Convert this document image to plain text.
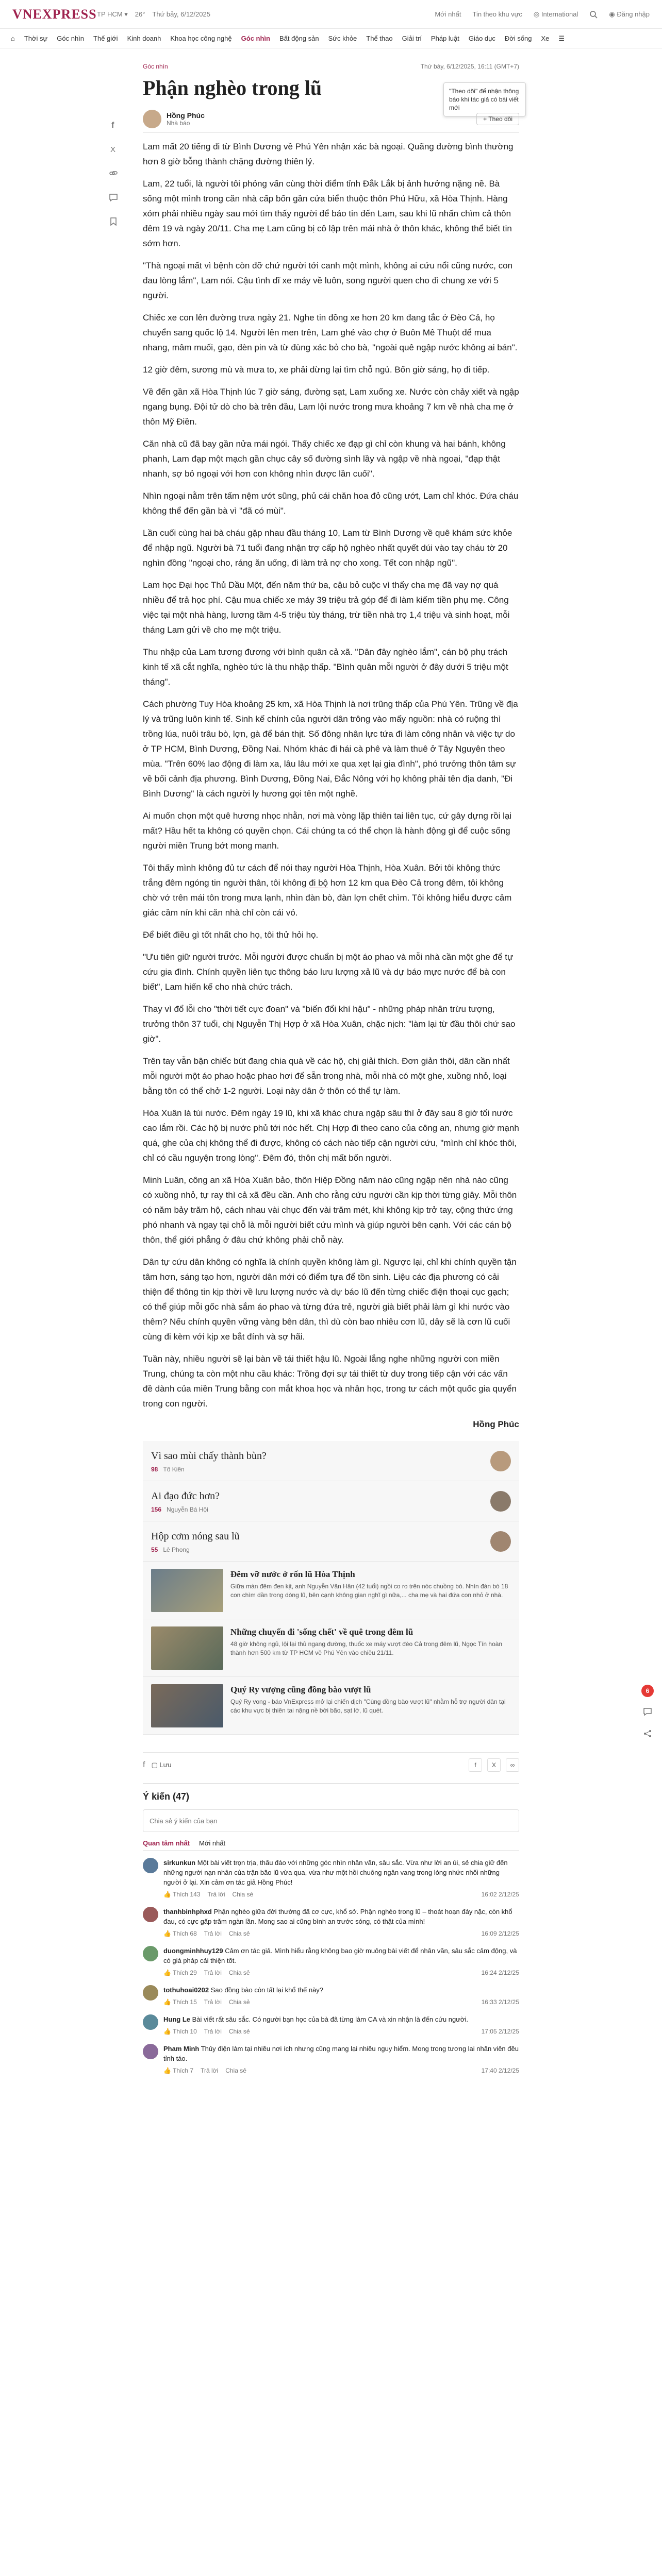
VNEXPRESS TP HCM ▾ 26° Thứ bảy, 6/12/2025	Mới nhất Tin theo khu vực ◎ International	◉ Đăng nhập
⌂	Thời sự	Góc nhìn	Thế giới	Kinh doanh	Khoa học công nghệ	Góc nhìn	Bất động sản	Sức khỏe	Thể thao	Giải trí	Pháp luật	Giáo dục	Đời sống	Xe	☰
"Theo dõi" để nhận thông báo khi tác giả có bài viết mới
f
X
Góc nhìn	Thứ bảy, 6/12/2025, 16:11 (GMT+7)
Phận nghèo trong lũ
Hồng Phúc
Nhà báo
+ Theo dõi

Lam mất 20 tiếng đi từ Bình Dương về Phú Yên nhận xác bà ngoại. Quãng đường bình thường hơn 8 giờ bỗng thành chặng đường thiên lý.

Lam, 22 tuổi, là người tôi phỏng vấn cùng thời điểm tỉnh Đắk Lắk bị ảnh hưởng nặng nề. Bà sống một mình trong căn nhà cấp bốn gần cửa biển thuộc thôn Phú Hữu, xã Hòa Thịnh. Hàng xóm phải nhiều ngày sau mới tìm thấy người để báo tin đến Lam, sau khi lũ nhấn chìm cả thôn đêm 19 và ngày 20/11. Cha mẹ Lam cũng bị cô lập trên mái nhà ở thôn khác, không thể biết tin sớm hơn.

"Thà ngoại mất vì bệnh còn đỡ chứ người tới canh một mình, không ai cứu nổi cũng nước, con đau lòng lắm", Lam nói. Cậu tình dĩ xe máy về luôn, song người quen cho đi chung xe với 5 người.

Chiếc xe con lên đường trưa ngày 21. Nghe tin đồng xe hơn 20 km đang tắc ở Đèo Cả, họ chuyển sang quốc lộ 14. Người lên men trên, Lam ghé vào chợ ở Buôn Mê Thuột để mua nhang, mâm muối, gạo, đèn pin và từ đùng xác bỏ cho bà, "ngoài quê ngập nước không ai bán".

12 giờ đêm, sương mù và mưa to, xe phải dừng lại tìm chỗ ngủ. Bốn giờ sáng, họ đi tiếp.

Về đến gần xã Hòa Thịnh lúc 7 giờ sáng, đường sạt, Lam xuống xe. Nước còn chảy xiết và ngập ngang bụng. Đội tử dò cho bà trên đầu, Lam lội nước trong mưa khoảng 7 km về nhà cha mẹ ở thôn Mỹ Điền.

Căn nhà cũ đã bay gần nửa mái ngói. Thấy chiếc xe đạp gì chỉ còn khung và hai bánh, không phanh, Lam đạp một mạch gần chục cây số đường sình lầy và ngập về nhà ngoại, "đạp thật nhanh, sợ bỏ ngoại với hơn con không nhìn được lần cuối".

Nhìn ngoại nằm trên tấm nệm ướt sũng, phủ cái chăn hoa đỏ cũng ướt, Lam chỉ khóc. Đứa cháu không thể đến gần bà vì "đã có mùi".

Lần cuối cùng hai bà cháu gặp nhau đầu tháng 10, Lam từ Bình Dương về quê khám sức khỏe để nhập ngũ. Người bà 71 tuổi đang nhận trợ cấp hộ nghèo nhất quyết dúi vào tay cháu tờ 20 nghìn đồng "ngoại cho, ráng ăn uống, đi làm trả nợ cho xong. Tết con nhập ngũ".

Lam học Đại học Thủ Dầu Một, đến năm thứ ba, cậu bỏ cuộc vì thấy cha mẹ đã vay nợ quá nhiều để trả học phí. Cậu mua chiếc xe máy 39 triệu trả góp để đi làm kiếm tiền phụ mẹ. Công việc tại một nhà hàng, lương tầm 4-5 triệu tùy tháng, trừ tiền nhà trọ 1,4 triệu và sinh hoạt, mỗi tháng Lam gửi về cho mẹ một triệu.

Thu nhập của Lam tương đương với bình quân cả xã. "Dân đây nghèo lắm", cán bộ phụ trách kinh tế xã cắt nghĩa, nghèo tức là thu nhập thấp. "Bình quân mỗi người ở đây dưới 5 triệu một tháng".

Cách phường Tuy Hòa khoảng 25 km, xã Hòa Thịnh là nơi trũng thấp của Phú Yên. Trũng về địa lý và trũng luôn kinh tế. Sinh kế chính của người dân trông vào mấy nguồn: nhà có ruộng thì trồng lúa, nuôi trâu bò, lợn, gà để bán thịt. Số đông nhân lực tứa đi làm công nhân và việc tự do ở TP HCM, Bình Dương, Đồng Nai. Nhóm khác đi hái cà phê và làm thuê ở Tây Nguyên theo mùa. "Trên 60% lao động đi làm xa, lâu lâu mới xe qua xẹt lại gia đình", phó trưởng thôn tâm sự về bối cảnh địa phương. Bình Dương, Đồng Nai, Đắc Nông với họ không phải tên địa danh, "Đi Bình Dương" là cách người ly hương gọi tên một nghề.

Ai muốn chọn một quê hương nhọc nhằn, nơi mà vòng lặp thiên tai liên tục, cứ gây dựng rồi lại mất? Hầu hết ta không có quyền chọn. Cái chúng ta có thể chọn là hành động gì để cuộc sống người miền Trung bớt mong manh.

Tôi thấy mình không đủ tư cách để nói thay người Hòa Thịnh, Hòa Xuân. Bởi tôi không thức trắng đêm ngóng tin người thân, tôi không đi bộ hơn 12 km qua Đèo Cả trong đêm, tôi không chờ vớ trên mái tôn trong mưa lạnh, nhìn đàn bò, đàn lợn chết chìm. Tôi không hiểu được cảm giác cầm nín khi căn nhà chỉ còn cái vỏ.

Để biết điều gì tốt nhất cho họ, tôi thử hỏi họ.

"Ưu tiên giữ người trước. Mỗi người được chuẩn bị một áo phao và mỗi nhà cần một ghe để tự cứu gia đình. Chính quyền liên tục thông báo lưu lượng xả lũ và dự báo mực nước để bà con biết", Lam hiến kế cho nhà chức trách.

Thay vì đổ lỗi cho "thời tiết cực đoan" và "biến đổi khí hậu" - những pháp nhân trừu tượng, trưởng thôn 37 tuổi, chị Nguyễn Thị Hợp ở xã Hòa Xuân, chặc nịch: "làm lại từ đầu thôi chứ sao giờ".

Trên tay vẫn bận chiếc bút đang chia quà về các hộ, chị giải thích. Đơn giản thôi, dân cần nhất mỗi người một áo phao hoặc phao hơi để sẵn trong nhà, mỗi nhà có một ghe, xuồng nhỏ, loại bằng tôn có thể chở 1-2 người. Loại này dân ở thôn có thể tự làm.

Hòa Xuân là túi nước. Đêm ngày 19 lũ, khi xã khác chưa ngập sâu thì ở đây sau 8 giờ tối nước cao lắm rồi. Các hộ bị nước phủ tới nóc hết. Chị Hợp đi theo cano của công an, nhưng giờ mạnh quá, ghe của chị không thể đi được, không có cách nào tiếp cận người cứu, "mình chỉ khóc thôi, chỉ có cầu nguyện trong lòng". Đêm đó, thôn chị mất bốn người.

Minh Luân, công an xã Hòa Xuân bảo, thôn Hiệp Đồng năm nào cũng ngập nên nhà nào cũng có xuồng nhỏ, tự ray thì cả xã đều cần. Anh cho rằng cứu người cần kịp thời từng giây. Mỗi thôn có năm bảy trăm hộ, cách nhau vài chục đến vài trăm mét, khi không kịp trở tay, cộng thức ứng phó nhanh và ngay tại chỗ là mỗi người biết cứu mình và giúp người bên cạnh. Với các cán bộ thôn, thể giới phẳng ở đâu chứ không phải chỗ này.

Dân tự cứu dân không có nghĩa là chính quyền không làm gì. Ngược lại, chỉ khi chính quyền tận tâm hơn, sáng tạo hơn, người dân mới có điểm tựa để tồn sinh. Liệu các địa phương có cải thiện để thông tin kịp thời về lưu lượng nước và dự báo lũ đến từng chiếc điện thoại cục gạch; có thể giúp mỗi gốc nhà sắm áo phao và từng đứa trẻ, người già biết phải làm gì khi nước vào thêm? Nếu chính quyền vững vàng bên dân, thì dù còn bao nhiêu cơn lũ, dây sẽ là cơn lũ cuối cùng đi kèm với kịp xe bắt đính và sợ hãi.

Tuần này, nhiều người sẽ lại bàn về tái thiết hậu lũ. Ngoài lắng nghe những người con miền Trung, chúng ta còn một nhu cầu khác: Trồng đợi sự tái thiết từ duy trong tiếp cận với các vấn đề dành của miền Trung bằng con mắt khoa học và nhân học, trong tư cách một quốc gia quyển trong con người.

Hồng Phúc
Vì sao mùi chấy thành bùn?
98 Tô Kiên
Ai đạo đức hơn?
156 Nguyễn Bá Hội
Hộp cơm nóng sau lũ
55 Lê Phong
Đêm vỡ nước ở rốn lũ Hòa Thịnh
Giữa màn đêm đen kịt, anh Nguyễn Văn Hân (42 tuổi) ngồi co ro trên nóc chuồng bò. Nhìn đàn bò 18 con chìm dần trong dòng lũ, bên cạnh không gian nghĩ gì nữa,... cha mẹ và hai đứa con nhỏ ở nhà.
Những chuyến đi 'sống chết' về quê trong đêm lũ
48 giờ không ngủ, lội lại thủ ngang đường, thuốc xe máy vượt đèo Cả trong đêm lũ, Ngọc Tín hoàn thành hơn 500 km từ TP HCM về Phú Yên vào chiều 21/11.
Quý Ry vượng cũng đồng bào vượt lũ
Quý Ry vong - báo VnExpress mở lại chiến dịch "Cùng đồng bào vượt lũ" nhằm hỗ trợ người dân tại các khu vực bị thiên tai nặng nề bởi bão, sạt lở, lũ quét.
f ▢ Lưu	f	X	∞
Ý kiến (47)
Chia sẻ ý kiến của bạn
Quan tâm nhất Mới nhất
sirkunkun Một bài viết trọn trịa, thấu đáo với những góc nhìn nhân văn, sâu sắc. Vừa như lời an ủi, sẻ chia giữ đến những người nạn nhân của trận bão lũ vừa qua, vừa như một hồi chuông ngân vang trong lòng nhức nhối những người ở lại. Xin cảm ơn tác giả Hồng Phúc!
👍 Thích 143 Trả lời Chia sẻ	16:02 2/12/25
thanhbinhphxd Phận nghèo giữa đời thường đã cơ cực, khổ sở. Phận nghèo trong lũ – thoát hoạn đáy nặc, còn khổ đau, có cực gấp trăm ngàn lần. Mong sao ai cũng bình an trước sóng, có thật của mình!
👍 Thích 68 Trả lời Chia sẻ	16:09 2/12/25
duongminhhuy129 Cảm ơn tác giả. Mình hiểu rằng không bao giờ muông bài viết để nhân văn, sâu sắc cảm động, và có giá pháp cải thiện tốt.
👍 Thích 29 Trả lời Chia sẻ	16:24 2/12/25
tothuhoai0202 Sao đồng bào còn tất lại khổ thế này?
👍 Thích 15 Trả lời Chia sẻ	16:33 2/12/25
Hung Le Bài viết rất sâu sắc. Có người bạn học của bà đã từng làm CA và xin nhận là đến cứu người.
👍 Thích 10 Trả lời Chia sẻ	17:05 2/12/25
Pham Minh Thủy điện làm tại nhiều nơi ích nhưng cũng mang lại nhiều nguy hiểm. Mong trong tương lai nhân viên đều tỉnh táo.
👍 Thích 7 Trả lời Chia sẻ	17:40 2/12/25
6
